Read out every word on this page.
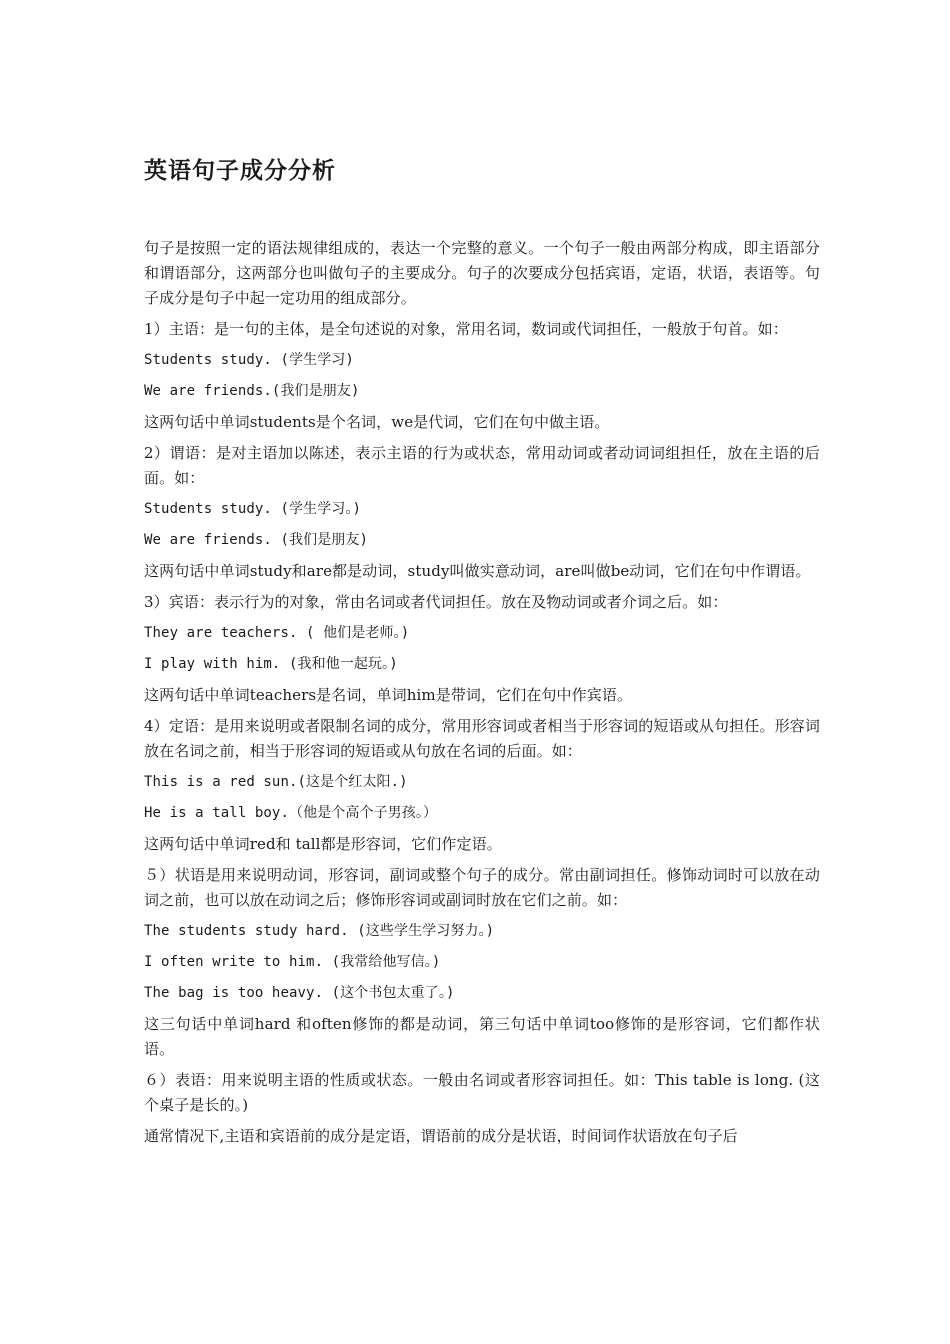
英语句子成分分析

句子是按照一定的语法规律组成的，表达一个完整的意义。一个句子一般由两部分构成，即主语部分和谓语部分，这两部分也叫做句子的主要成分。句子的次要成分包括宾语，定语，状语，表语等。句子成分是句子中起一定功用的组成部分。

1）主语：是一句的主体，是全句述说的对象，常用名词，数词或代词担任，一般放于句首。如：

Students study. (学生学习)

We are friends.(我们是朋友)

这两句话中单词students是个名词，we是代词，它们在句中做主语。

2）谓语：是对主语加以陈述，表示主语的行为或状态，常用动词或者动词词组担任，放在主语的后面。如：

Students study. (学生学习。)

We are friends. (我们是朋友)

这两句话中单词study和are都是动词，study叫做实意动词，are叫做be动词，它们在句中作谓语。

3）宾语：表示行为的对象，常由名词或者代词担任。放在及物动词或者介词之后。如：

They are teachers. ( 他们是老师。)

I play with him. (我和他一起玩。)

这两句话中单词teachers是名词，单词him是带词，它们在句中作宾语。

4）定语：是用来说明或者限制名词的成分，常用形容词或者相当于形容词的短语或从句担任。形容词放在名词之前，相当于形容词的短语或从句放在名词的后面。如：

This is a red sun.(这是个红太阳.)

He is a tall boy.（他是个高个子男孩。）

这两句话中单词red和 tall都是形容词，它们作定语。

５）状语是用来说明动词，形容词，副词或整个句子的成分。常由副词担任。修饰动词时可以放在动词之前，也可以放在动词之后；修饰形容词或副词时放在它们之前。如：

The students study hard. (这些学生学习努力。)

I often write to him. (我常给他写信。)

The bag is too heavy. (这个书包太重了。)

这三句话中单词hard 和often修饰的都是动词，第三句话中单词too修饰的是形容词，它们都作状语。

６）表语：用来说明主语的性质或状态。一般由名词或者形容词担任。如：This table is long. (这个桌子是长的。)

通常情况下,主语和宾语前的成分是定语，谓语前的成分是状语，时间词作状语放在句子后
